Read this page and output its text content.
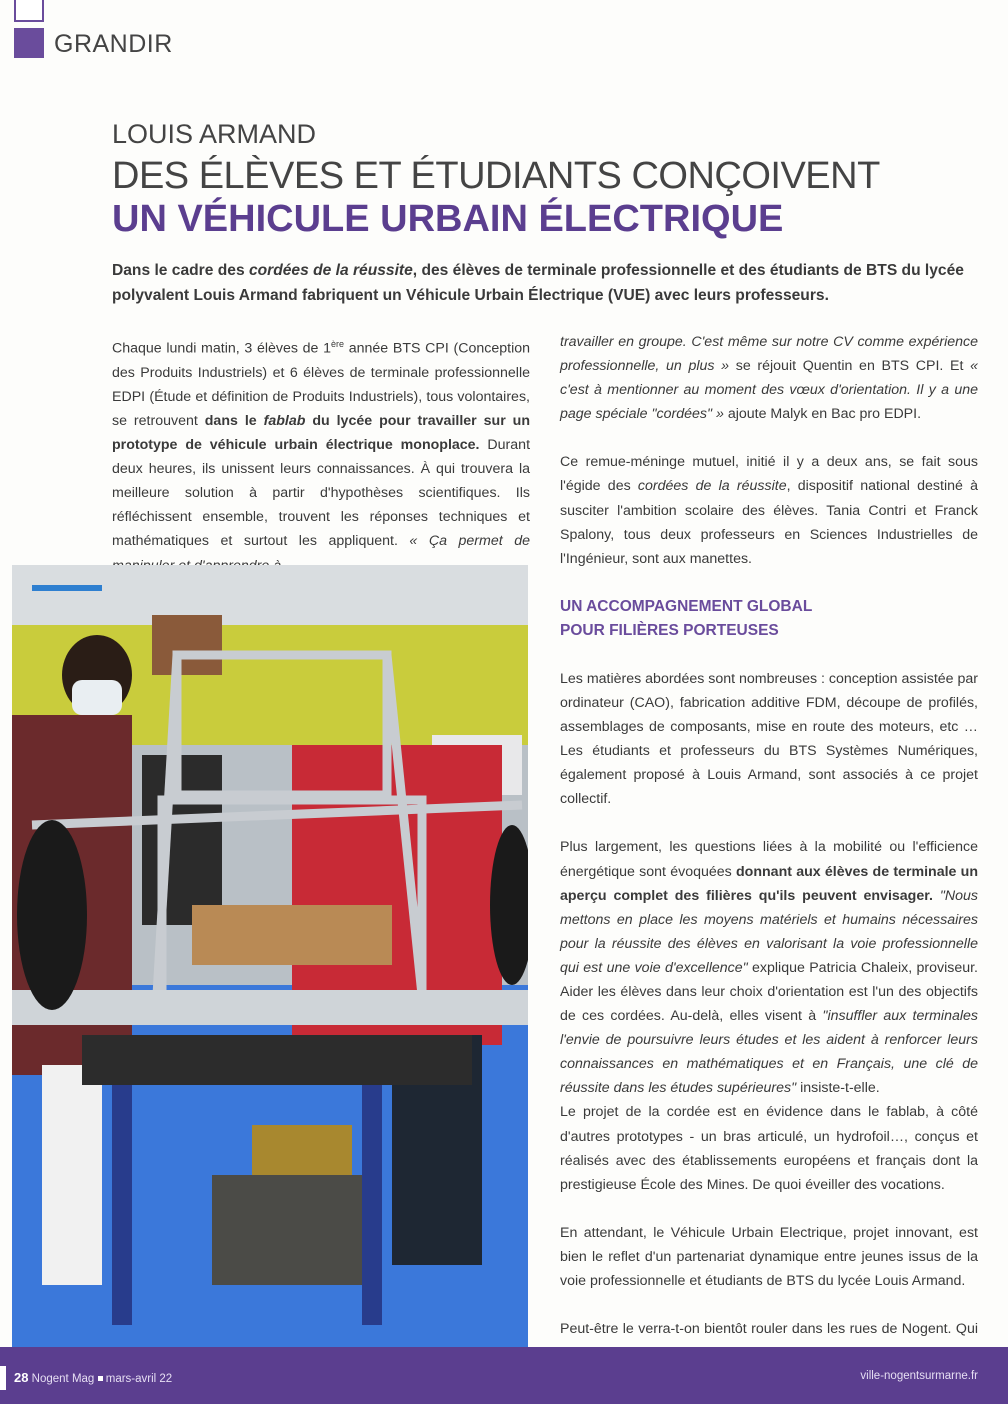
GRANDIR
LOUIS ARMAND
DES ÉLÈVES ET ÉTUDIANTS CONÇOIVENT
UN VÉHICULE URBAIN ÉLECTRIQUE
Dans le cadre des cordées de la réussite, des élèves de terminale professionnelle et des étudiants de BTS du lycée polyvalent Louis Armand fabriquent un Véhicule Urbain Électrique (VUE) avec leurs professeurs.

Chaque lundi matin, 3 élèves de 1ère année BTS CPI (Conception des Produits Industriels) et 6 élèves de terminale professionnelle EDPI (Étude et définition de Produits Industriels), tous volontaires, se retrouvent dans le fablab du lycée pour travailler sur un prototype de véhicule urbain électrique monoplace. Durant deux heures, ils unissent leurs connaissances. À qui trouvera la meilleure solution à partir d'hypothèses scientifiques. Ils réfléchissent ensemble, trouvent les réponses techniques et mathématiques et surtout les appliquent. « Ça permet de

travailler en groupe. C'est même sur notre CV comme expérience professionnelle, un plus » se réjouit Quentin en BTS CPI. Et « c'est à mentionner au moment des vœux d'orientation. Il y a une page spéciale "cordées" » ajoute Malyk en Bac pro EDPI.

Ce remue-méninge mutuel, initié il y a deux ans, se fait sous l'égide des cordées de la réussite, dispositif national destiné à susciter l'ambition scolaire des élèves. Tania Contri et Franck Spalony, tous deux professeurs en Sciences Industrielles de l'Ingénieur, sont aux manettes.

UN ACCOMPAGNEMENT GLOBAL
POUR FILIÈRES PORTEUSES

Les matières abordées sont nombreuses : conception assistée par ordinateur (CAO), fabrication additive FDM, découpe de profilés, assemblages de composants, mise en route des moteurs, etc … Les étudiants et professeurs du BTS Systèmes Numériques, également proposé à Louis Armand, sont associés à ce projet collectif.

Plus largement, les questions liées à la mobilité ou l'efficience énergétique sont évoquées donnant aux élèves de terminale un aperçu complet des filières qu'ils peuvent envisager. "Nous mettons en place les moyens matériels et humains nécessaires pour la réussite des élèves en valorisant la voie professionnelle qui est une voie d'excellence" explique Patricia Chaleix, proviseur. Aider les élèves dans leur choix d'orientation est l'un des objectifs de ces cordées. Au-delà, elles visent à "insuffler aux terminales l'envie de poursuivre leurs études et les aident à renforcer leurs connaissances en mathématiques et en Français, une clé de réussite dans les études supérieures" insiste-t-elle.

Le projet de la cordée est en évidence dans le fablab, à côté d'autres prototypes - un bras articulé, un hydrofoil…, conçus et réalisés avec des établissements européens et français dont la prestigieuse École des Mines. De quoi éveiller des vocations.

En attendant, le Véhicule Urbain Electrique, projet innovant, est bien le reflet d'un partenariat dynamique entre jeunes issus de la voie professionnelle et étudiants de BTS du lycée Louis Armand.

Peut-être le verra-t-on bientôt rouler dans les rues de Nogent. Qui

28 Nogent Mag mars-avril 22	ville-nogentsurmarne.fr
